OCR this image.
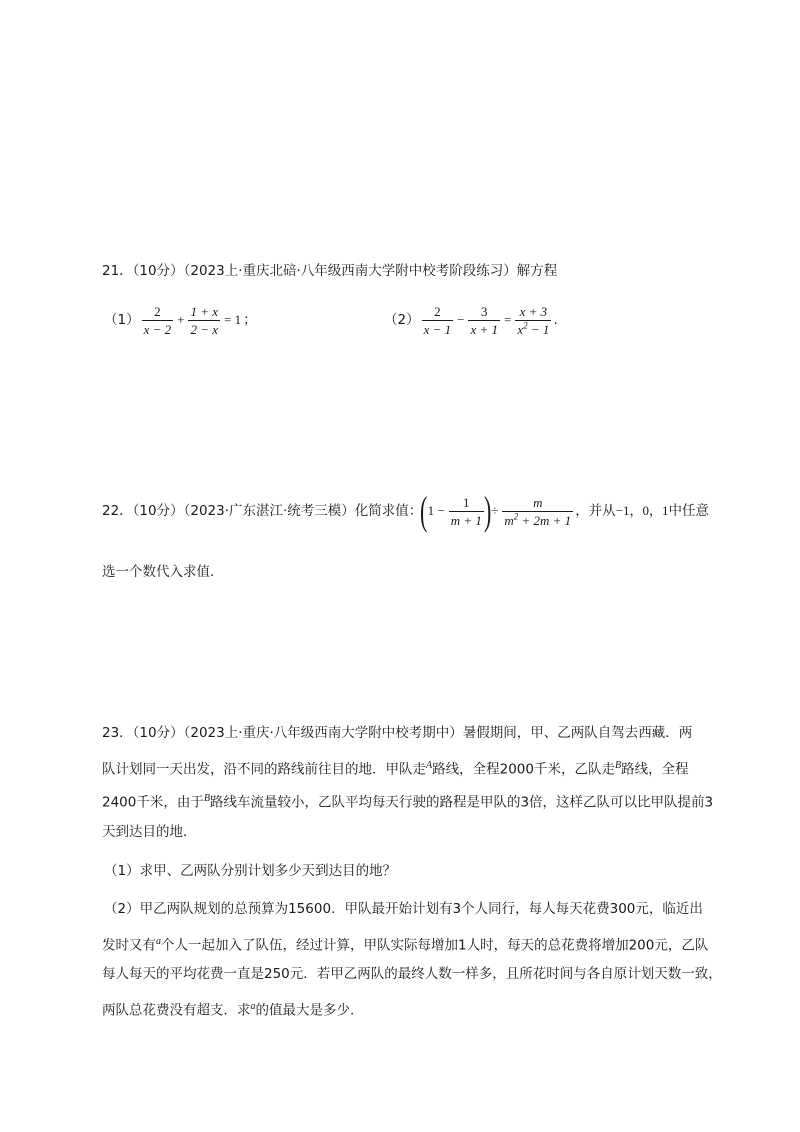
21．（10分）（2023上·重庆北碚·八年级西南大学附中校考阶段练习）解方程
$(1) \frac{2}{x - 2} + \frac{1 + x}{2 - x} = 1$ ；	$(2) \frac{2}{x - 1} - \frac{3}{x + 1} = \frac{x + 3}{x^2 - 1}$ .
22．（10分）（2023·广东湛江·统考三模）化简求值：
( $1 - \frac{1}{m + 1}$ ) ÷ $\frac{m}{m^2 + 2m + 1}$ ，并从 −1，0，1 中任意
选一个数代入求值.
23．（10分）（2023上·重庆·八年级西南大学附中校考期中）暑假期间，甲、乙两队自驾去西藏．两
队计划同一天出发，沿不同的路线前往目的地．甲队走$^A$路线，全程2000千米，乙队走$^B$路线，全程
2400千米，由于$^B$路线车流量较小，乙队平均每天行驶的路程是甲队的3倍，这样乙队可以比甲队提前3
天到达目的地．
（1）求甲、乙两队分别计划多少天到达目的地？
（2）甲乙两队规划的总预算为15600．甲队最开始计划有3个人同行，每人每天花费300元，临近出
发时又有$^a$个人一起加入了队伍，经过计算，甲队实际每增加1人时，每天的总花费将增加200元，乙队
每人每天的平均花费一直是250元．若甲乙两队的最终人数一样多，且所花时间与各自原计划天数一致，
两队总花费没有超支．求$^a$的值最大是多少.
